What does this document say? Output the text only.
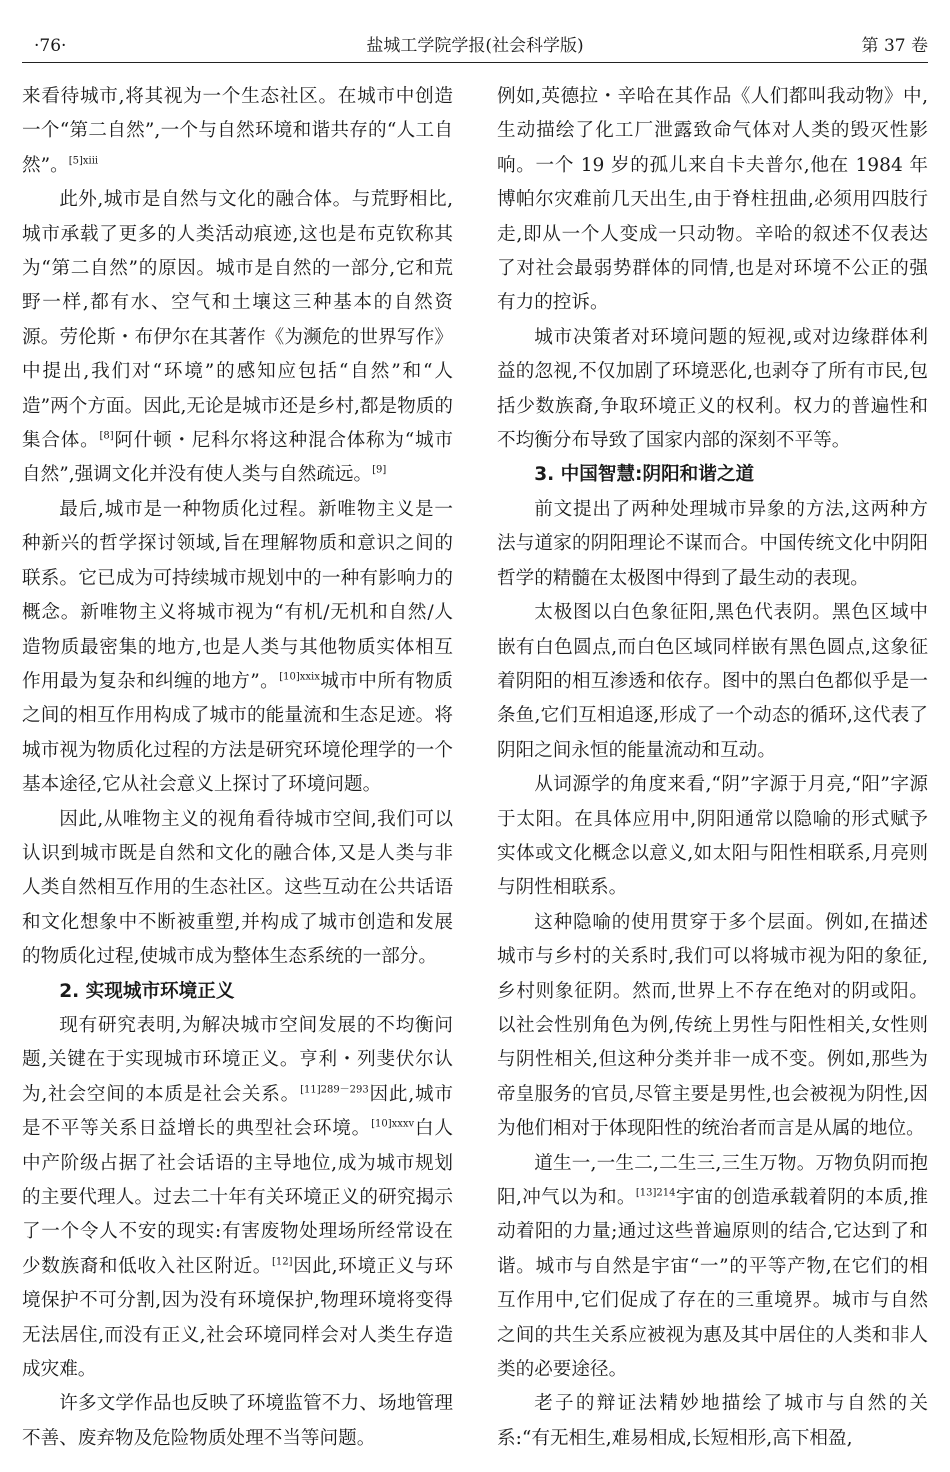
·76·	盐城工学院学报(社会科学版)	第 37 卷

来看待城市,将其视为一个生态社区。在城市中创造一个“第二自然”,一个与自然环境和谐共存的“人工自然”。$^{[5]xiii}$

此外,城市是自然与文化的融合体。与荒野相比,城市承载了更多的人类活动痕迹,这也是布克钦称其为“第二自然”的原因。城市是自然的一部分,它和荒野一样,都有水、空气和土壤这三种基本的自然资源。劳伦斯・布伊尔在其著作《为濒危的世界写作》中提出,我们对“环境”的感知应包括“自然”和“人造”两个方面。因此,无论是城市还是乡村,都是物质的集合体。[8]阿什顿・尼科尔将这种混合体称为“城市自然”,强调文化并没有使人类与自然疏远。[9]

最后,城市是一种物质化过程。新唯物主义是一种新兴的哲学探讨领域,旨在理解物质和意识之间的联系。它已成为可持续城市规划中的一种有影响力的概念。新唯物主义将城市视为“有机/无机和自然/人造物质最密集的地方,也是人类与其他物质实体相互作用最为复杂和纠缠的地方”。$^{[10]xxix}$城市中所有物质之间的相互作用构成了城市的能量流和生态足迹。将城市视为物质化过程的方法是研究环境伦理学的一个基本途径,它从社会意义上探讨了环境问题。

因此,从唯物主义的视角看待城市空间,我们可以认识到城市既是自然和文化的融合体,又是人类与非人类自然相互作用的生态社区。这些互动在公共话语和文化想象中不断被重塑,并构成了城市创造和发展的物质化过程,使城市成为整体生态系统的一部分。

2. 实现城市环境正义

现有研究表明,为解决城市空间发展的不均衡问题,关键在于实现城市环境正义。亨利・列斐伏尔认为,社会空间的本质是社会关系。$^{[11]289-293}$因此,城市是不平等关系日益增长的典型社会环境。$^{[10]xxxv}$白人中产阶级占据了社会话语的主导地位,成为城市规划的主要代理人。过去二十年有关环境正义的研究揭示了一个令人不安的现实:有害废物处理场所经常设在少数族裔和低收入社区附近。[12]因此,环境正义与环境保护不可分割,因为没有环境保护,物理环境将变得无法居住,而没有正义,社会环境同样会对人类生存造成灾难。

许多文学作品也反映了环境监管不力、场地管理不善、废弃物及危险物质处理不当等问题。

例如,英德拉・辛哈在其作品《人们都叫我动物》中,生动描绘了化工厂泄露致命气体对人类的毁灭性影响。一个 19 岁的孤儿来自卡夫普尔,他在 1984 年博帕尔灾难前几天出生,由于脊柱扭曲,必须用四肢行走,即从一个人变成一只动物。辛哈的叙述不仅表达了对社会最弱势群体的同情,也是对环境不公正的强有力的控诉。

城市决策者对环境问题的短视,或对边缘群体利益的忽视,不仅加剧了环境恶化,也剥夺了所有市民,包括少数族裔,争取环境正义的权利。权力的普遍性和不均衡分布导致了国家内部的深刻不平等。

3. 中国智慧:阴阳和谐之道

前文提出了两种处理城市异象的方法,这两种方法与道家的阴阳理论不谋而合。中国传统文化中阴阳哲学的精髓在太极图中得到了最生动的表现。

太极图以白色象征阳,黑色代表阴。黑色区域中嵌有白色圆点,而白色区域同样嵌有黑色圆点,这象征着阴阳的相互渗透和依存。图中的黑白色都似乎是一条鱼,它们互相追逐,形成了一个动态的循环,这代表了阴阳之间永恒的能量流动和互动。

从词源学的角度来看,“阴”字源于月亮,“阳”字源于太阳。在具体应用中,阴阳通常以隐喻的形式赋予实体或文化概念以意义,如太阳与阳性相联系,月亮则与阴性相联系。

这种隐喻的使用贯穿于多个层面。例如,在描述城市与乡村的关系时,我们可以将城市视为阳的象征,乡村则象征阴。然而,世界上不存在绝对的阴或阳。以社会性别角色为例,传统上男性与阳性相关,女性则与阴性相关,但这种分类并非一成不变。例如,那些为帝皇服务的官员,尽管主要是男性,也会被视为阴性,因为他们相对于体现阳性的统治者而言是从属的地位。

道生一,一生二,二生三,三生万物。万物负阴而抱阳,冲气以为和。$^{[13]214}$宇宙的创造承载着阴的本质,推动着阳的力量;通过这些普遍原则的结合,它达到了和谐。城市与自然是宇宙“一”的平等产物,在它们的相互作用中,它们促成了存在的三重境界。城市与自然之间的共生关系应被视为惠及其中居住的人类和非人类的必要途径。

老子的辩证法精妙地描绘了城市与自然的关系:“有无相生,难易相成,长短相形,高下相盈,
